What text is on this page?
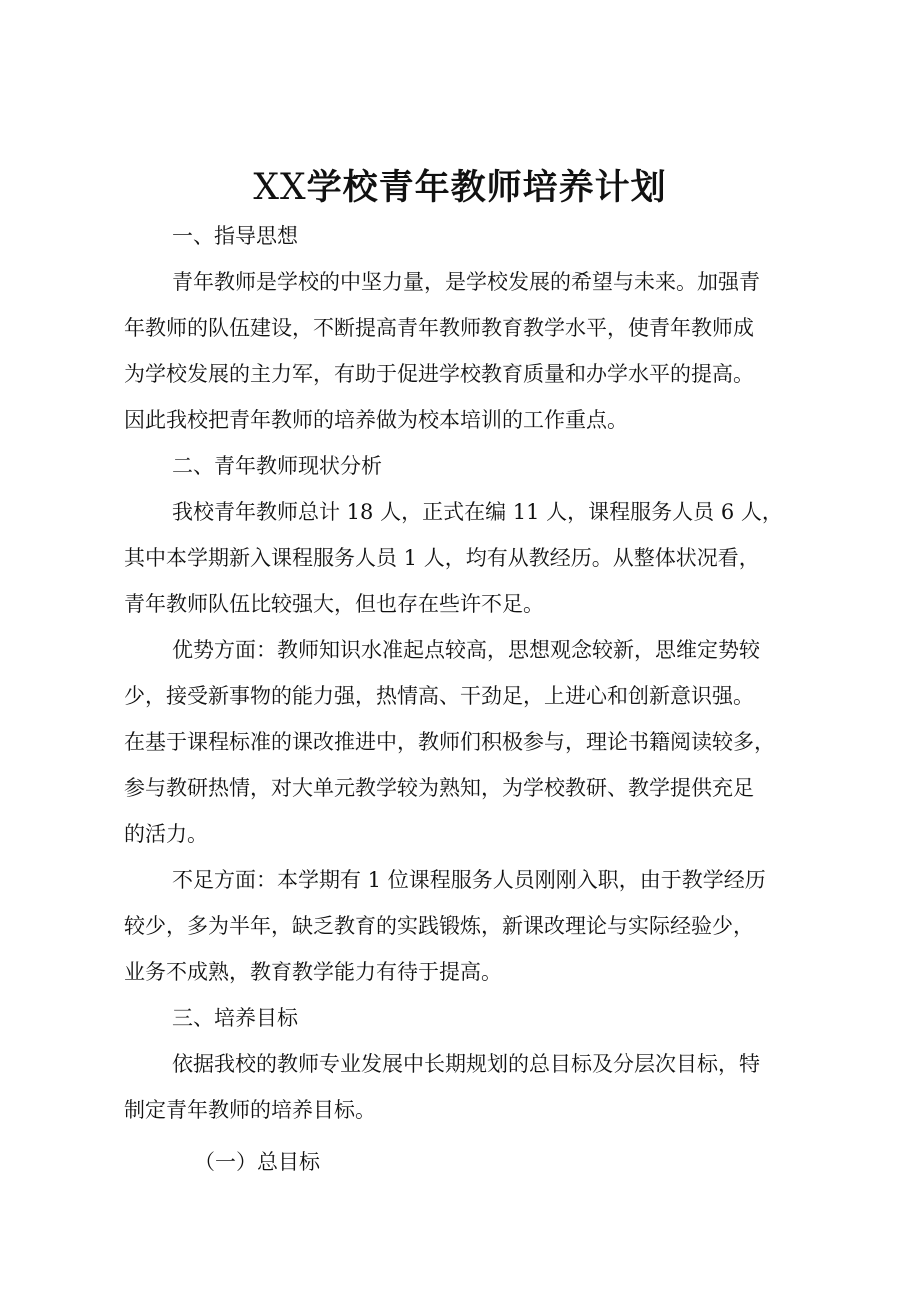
XX学校青年教师培养计划

一、指导思想

青年教师是学校的中坚力量，是学校发展的希望与未来。加强青

年教师的队伍建设，不断提高青年教师教育教学水平，使青年教师成

为学校发展的主力军，有助于促进学校教育质量和办学水平的提高。

因此我校把青年教师的培养做为校本培训的工作重点。

二、青年教师现状分析

我校青年教师总计 18 人，正式在编 11 人，课程服务人员 6 人，

其中本学期新入课程服务人员 1 人，均有从教经历。从整体状况看，

青年教师队伍比较强大，但也存在些许不足。

优势方面：教师知识水准起点较高，思想观念较新，思维定势较

少，接受新事物的能力强，热情高、干劲足，上进心和创新意识强。

在基于课程标准的课改推进中，教师们积极参与，理论书籍阅读较多，

参与教研热情，对大单元教学较为熟知，为学校教研、教学提供充足

的活力。

不足方面：本学期有 1 位课程服务人员刚刚入职，由于教学经历

较少，多为半年，缺乏教育的实践锻炼，新课改理论与实际经验少，

业务不成熟，教育教学能力有待于提高。

三、培养目标

依据我校的教师专业发展中长期规划的总目标及分层次目标，特

制定青年教师的培养目标。

（一）总目标
